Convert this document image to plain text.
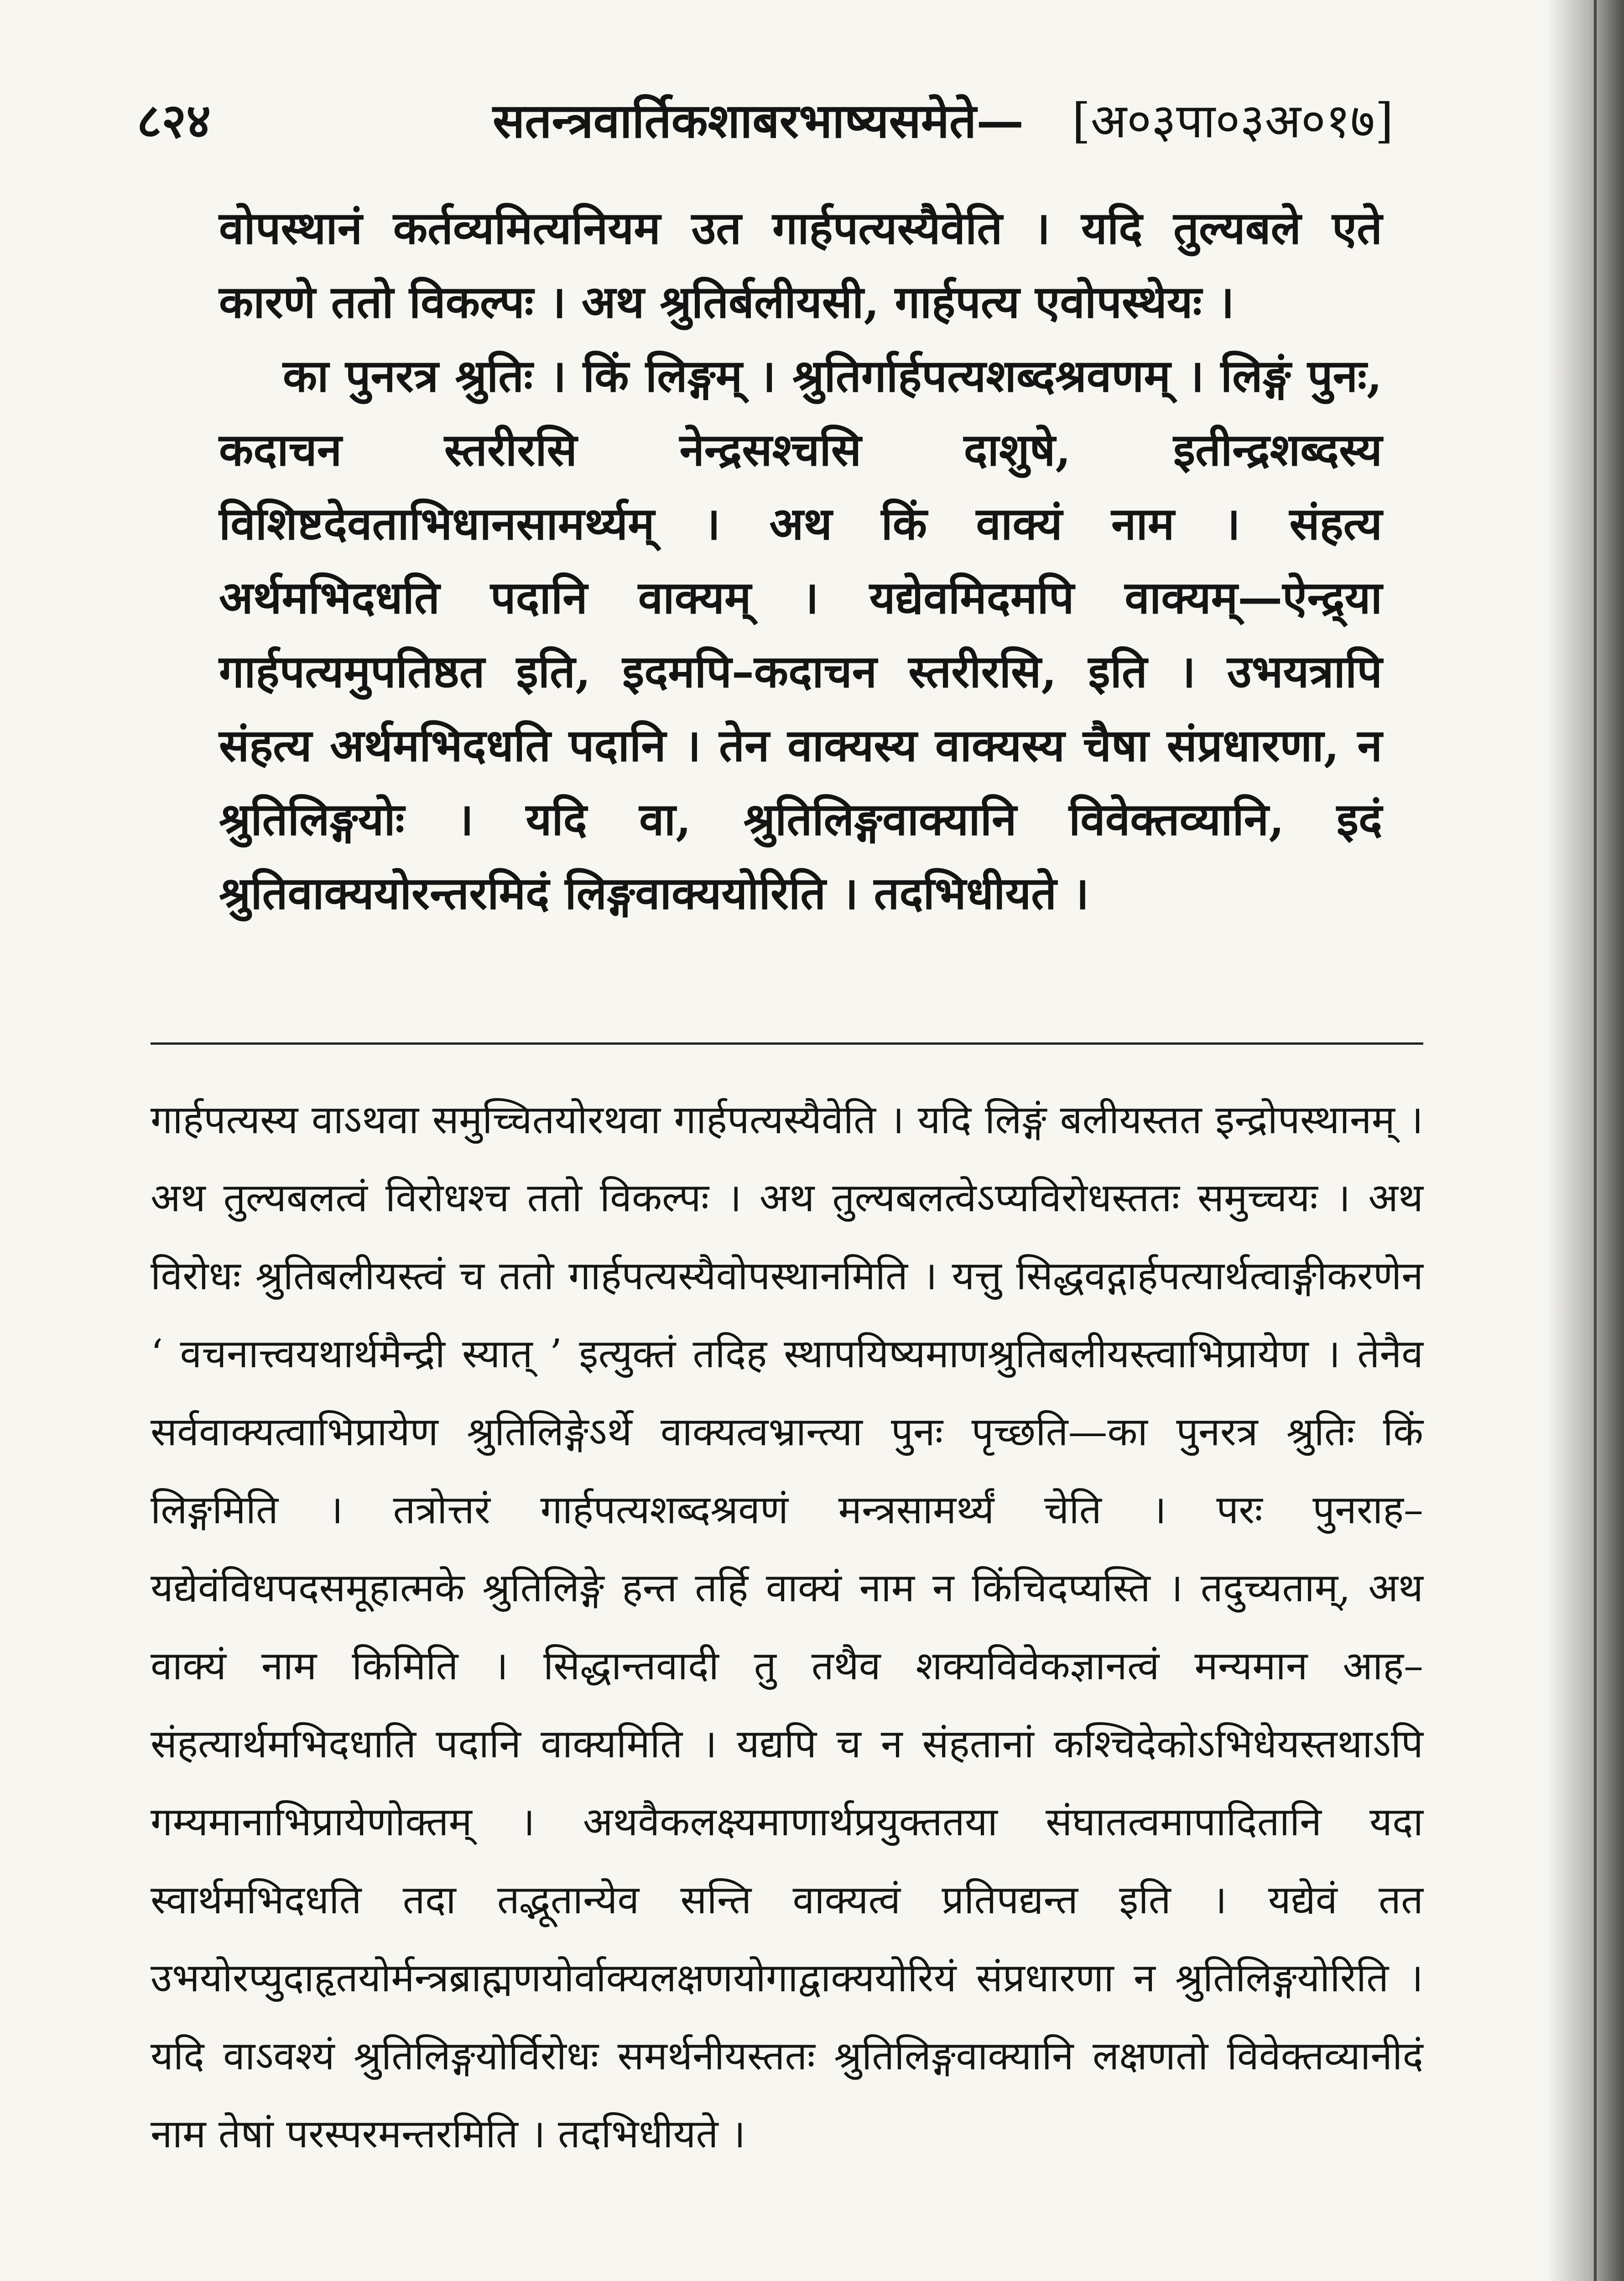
८२४	सतन्त्रवार्तिकशाबरभाष्यसमेते— [अ०३पा०३अ०१७]

वोपस्थानं कर्तव्यमित्यनियम उत गार्हपत्यस्यैवेति । यदि तुल्यबले एते कारणे ततो विकल्पः । अथ श्रुतिर्बलीयसी, गार्हपत्य एवोपस्थेयः ।

का पुनरत्र श्रुतिः । किं लिङ्गम् । श्रुतिर्गार्हपत्यशब्दश्रवणम् । लिङ्गं पुनः, कदाचन स्तरीरसि नेन्द्रसश्चसि दाशुषे, इतीन्द्रशब्दस्य विशिष्टदेवताभिधानसामर्थ्यम् । अथ किं वाक्यं नाम । संहत्य अर्थमभिदधति पदानि वाक्यम् । यद्येवमिदमपि वाक्यम्—ऐन्द्र्या गार्हपत्यमुपतिष्ठत इति, इदमपि–कदाचन स्तरीरसि, इति । उभयत्रापि संहत्य अर्थमभिदधति पदानि । तेन वाक्यस्य वाक्यस्य चैषा संप्रधारणा, न श्रुतिलिङ्गयोः । यदि वा, श्रुतिलिङ्गवाक्यानि विवेक्तव्यानि, इदं श्रुतिवाक्ययोरन्तरमिदं लिङ्गवाक्ययोरिति । तदभिधीयते ।

गार्हपत्यस्य वाऽथवा समुच्चितयोरथवा गार्हपत्यस्यैवेति । यदि लिङ्गं बलीयस्तत इन्द्रोपस्थानम् । अथ तुल्यबलत्वं विरोधश्च ततो विकल्पः । अथ तुल्यबलत्वेऽप्यविरोधस्ततः समुच्चयः । अथ विरोधः श्रुतिबलीयस्त्वं च ततो गार्हपत्यस्यैवोपस्थानमिति । यत्तु सिद्धवद्गार्हपत्यार्थत्वाङ्गीकरणेन ‘ वचनात्त्वयथार्थमैन्द्री स्यात् ’ इत्युक्तं तदिह स्थापयिष्यमाणश्रुतिबलीयस्त्वाभिप्रायेण । तेनैव सर्ववाक्यत्वाभिप्रायेण श्रुतिलिङ्गेऽर्थे वाक्यत्वभ्रान्त्या पुनः पृच्छति—का पुनरत्र श्रुतिः किं लिङ्गमिति । तत्रोत्तरं गार्हपत्यशब्दश्रवणं मन्त्रसामर्थ्यं चेति । परः पुनराह–यद्येवंविधपदसमूहात्मके श्रुतिलिङ्गे हन्त तर्हि वाक्यं नाम न किंचिदप्यस्ति । तदुच्यताम्, अथ वाक्यं नाम किमिति । सिद्धान्तवादी तु तथैव शक्यविवेकज्ञानत्वं मन्यमान आह–संहत्यार्थमभिदधाति पदानि वाक्यमिति । यद्यपि च न संहतानां कश्चिदेकोऽभिधेयस्तथाऽपि गम्यमानाभिप्रायेणोक्तम् । अथवैकलक्ष्यमाणार्थप्रयुक्ततया संघातत्वमापादितानि यदा स्वार्थमभिदधति तदा तद्भूतान्येव सन्ति वाक्यत्वं प्रतिपद्यन्त इति । यद्येवं तत उभयोरप्युदाहृतयोर्मन्त्रब्राह्मणयोर्वाक्यलक्षणयोगाद्वाक्ययोरियं संप्रधारणा न श्रुतिलिङ्गयोरिति । यदि वाऽवश्यं श्रुतिलिङ्गयोर्विरोधः समर्थनीयस्ततः श्रुतिलिङ्गवाक्यानि लक्षणतो विवेक्तव्यानीदं नाम तेषां परस्परमन्तरमिति । तदभिधीयते ।
